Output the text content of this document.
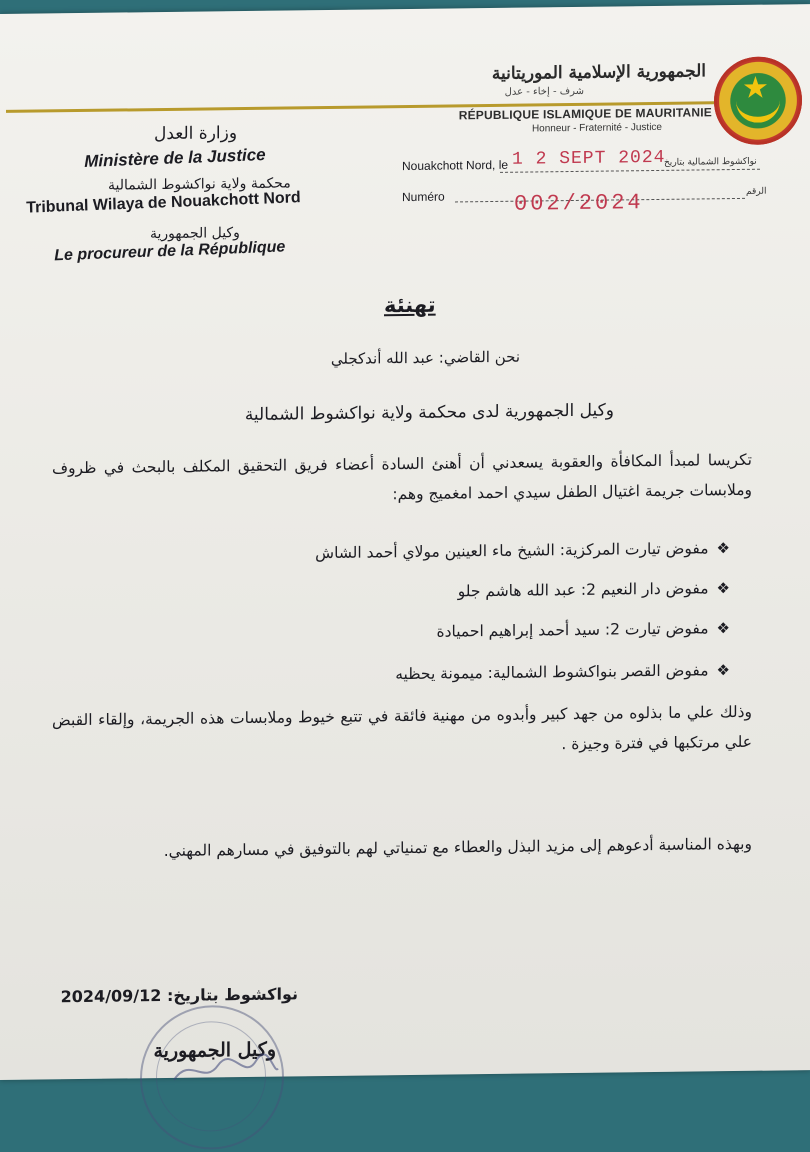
★
الجمهورية الإسلامية الموريتانية
شرف - إخاء - عدل
RÉPUBLIQUE ISLAMIQUE DE MAURITANIE
Honneur - Fraternité - Justice
وزارة العدل
Ministère de la Justice
محكمة ولاية نواكشوط الشمالية
Tribunal Wilaya de Nouakchott Nord
وكيل الجمهورية
Le procureur de la République
Nouakchott Nord, le 1 2 SEPT 2024
نواكشوط الشمالية بتاريخ
Numéro	002/2024	الرقم
تهنئة
نحن القاضي: عبد الله أندكجلي
وكيل الجمهورية لدى محكمة ولاية نواكشوط الشمالية
تكريسا لمبدأ المكافأة والعقوبة يسعدني أن أهنئ السادة أعضاء فريق التحقيق المكلف بالبحث في ظروف وملابسات جريمة اغتيال الطفل سيدي احمد امغميج وهم:
❖مفوض تيارت المركزية: الشيخ ماء العينين مولاي أحمد الشاش
❖مفوض دار النعيم 2: عبد الله هاشم جلو
❖مفوض تيارت 2: سيد أحمد إبراهيم احميادة
❖مفوض القصر بنواكشوط الشمالية: ميمونة يحظيه
وذلك علي ما بذلوه من جهد كبير وأبدوه من مهنية فائقة في تتبع خيوط وملابسات هذه الجريمة، وإلقاء القبض علي مرتكبها في فترة وجيزة .
وبهذه المناسبة أدعوهم إلى مزيد البذل والعطاء مع تمنياتي لهم بالتوفيق في مسارهم المهني.
نواكشوط بتاريخ: 2024/09/12
وكيل الجمهورية
